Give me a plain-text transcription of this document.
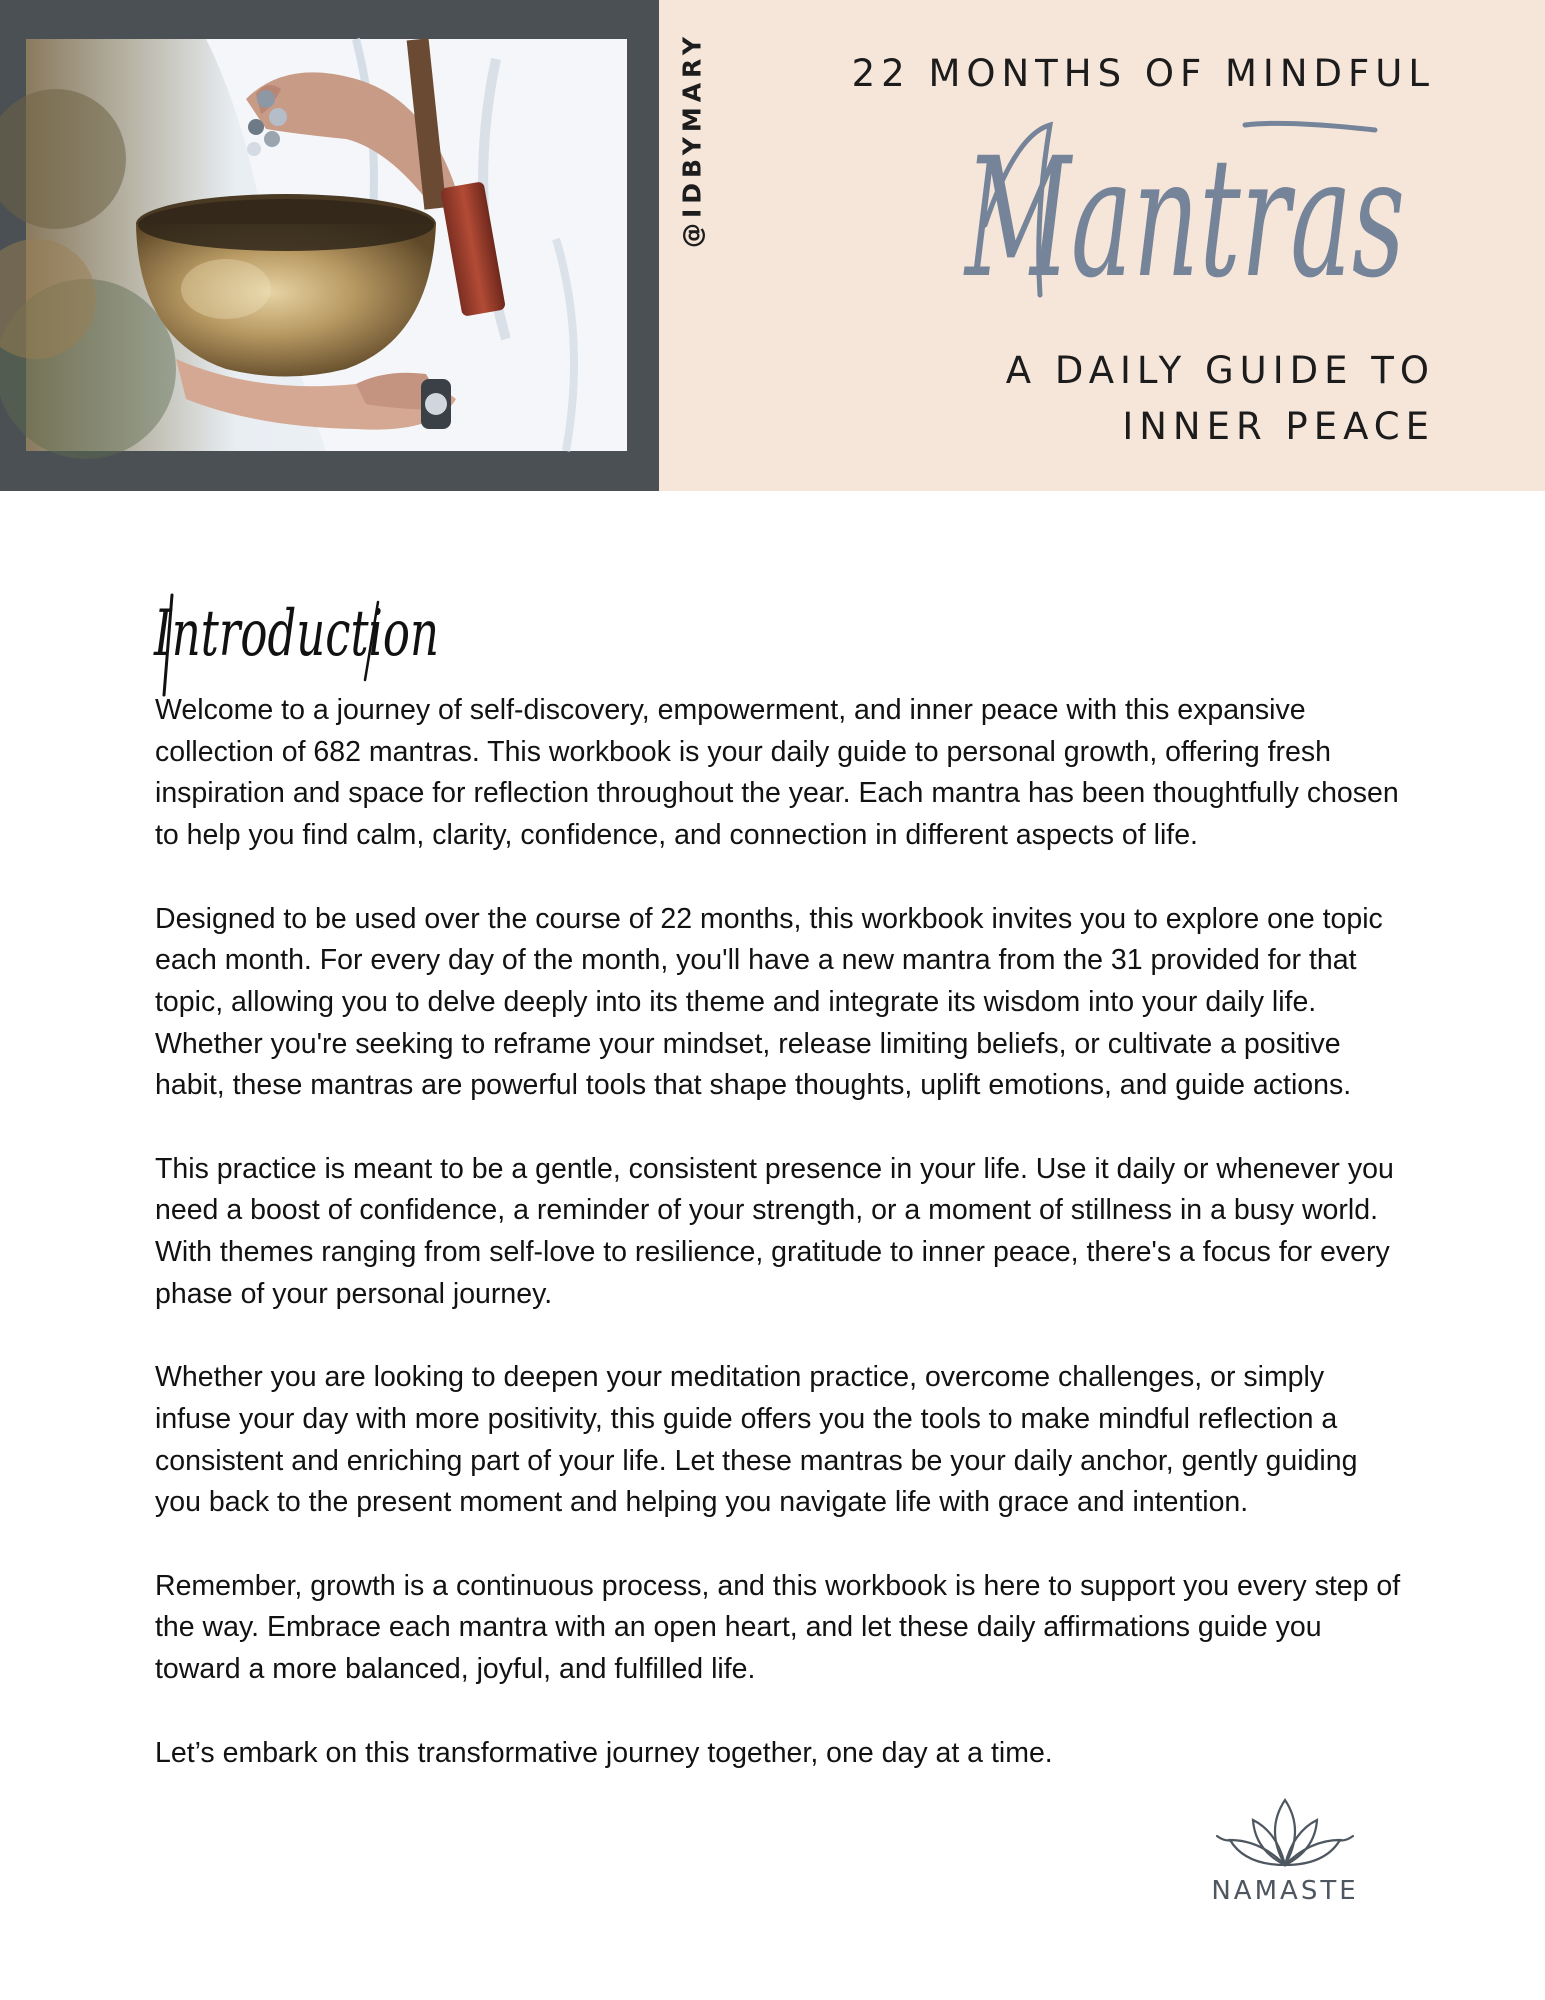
@IDBYMARY	22 MONTHS OF MINDFUL
Mantras
A DAILY GUIDE TO
INNER PEACE
Introduction

Welcome to a journey of self-discovery, empowerment, and inner peace with this expansive collection of 682 mantras. This workbook is your daily guide to personal growth, offering fresh inspiration and space for reflection throughout the year. Each mantra has been thoughtfully chosen to help you find calm, clarity, confidence, and connection in different aspects of life.

Designed to be used over the course of 22 months, this workbook invites you to explore one topic each month. For every day of the month, you'll have a new mantra from the 31 provided for that topic, allowing you to delve deeply into its theme and integrate its wisdom into your daily life. Whether you're seeking to reframe your mindset, release limiting beliefs, or cultivate a positive habit, these mantras are powerful tools that shape thoughts, uplift emotions, and guide actions.

This practice is meant to be a gentle, consistent presence in your life. Use it daily or whenever you need a boost of confidence, a reminder of your strength, or a moment of stillness in a busy world. With themes ranging from self-love to resilience, gratitude to inner peace, there's a focus for every phase of your personal journey.

Whether you are looking to deepen your meditation practice, overcome challenges, or simply infuse your day with more positivity, this guide offers you the tools to make mindful reflection a consistent and enriching part of your life. Let these mantras be your daily anchor, gently guiding you back to the present moment and helping you navigate life with grace and intention.

Remember, growth is a continuous process, and this workbook is here to support you every step of the way. Embrace each mantra with an open heart, and let these daily affirmations guide you toward a more balanced, joyful, and fulfilled life.

Let’s embark on this transformative journey together, one day at a time.

NAMASTE
